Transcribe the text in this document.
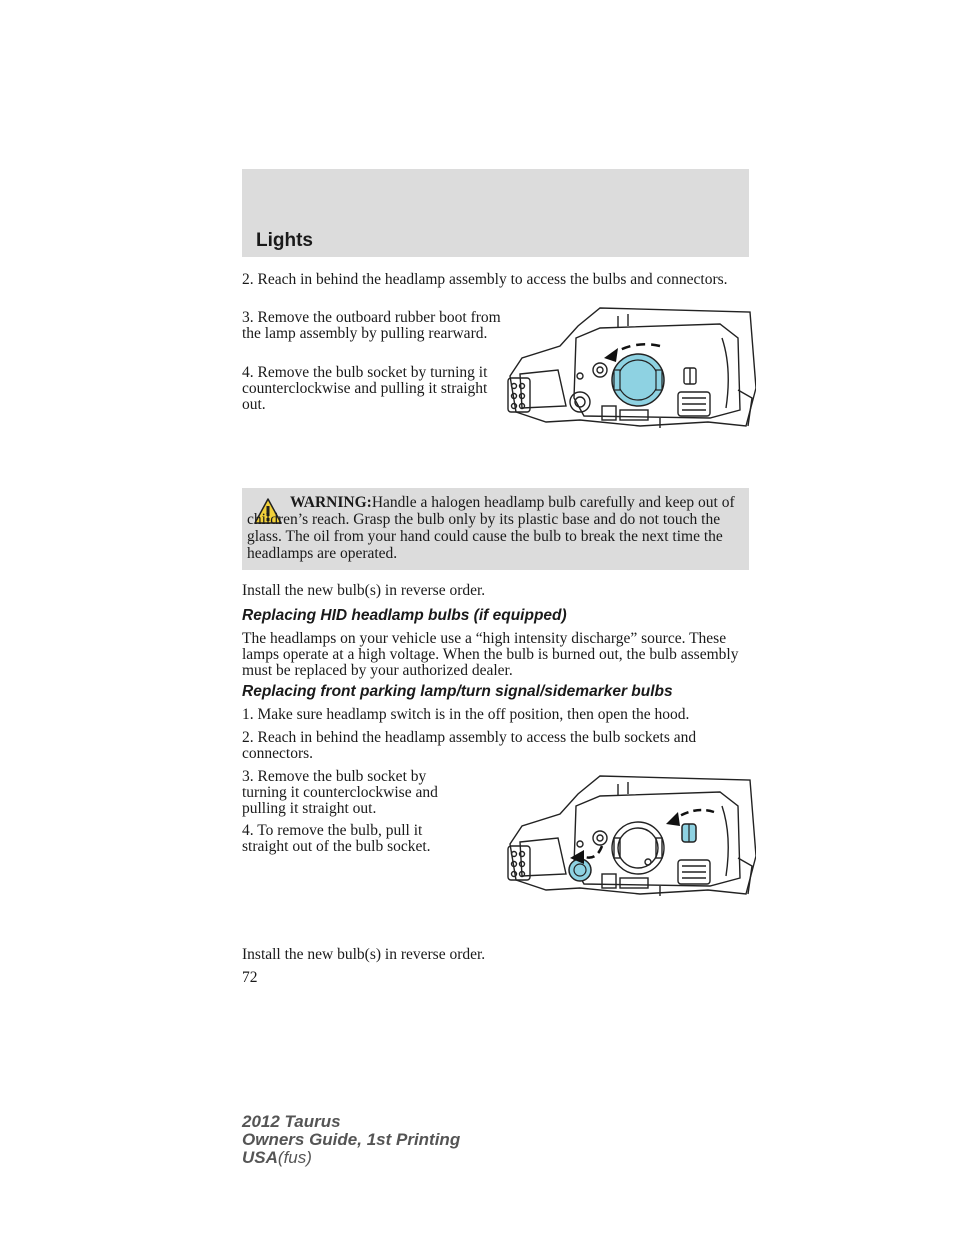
Lights

2. Reach in behind the headlamp assembly to access the bulbs and connectors.

3. Remove the outboard rubber boot from the lamp assembly by pulling rearward.

4. Remove the bulb socket by turning it counterclockwise and pulling it straight out.

WARNING:Handle a halogen headlamp bulb carefully and keep out of children’s reach. Grasp the bulb only by its plastic base and do not touch the glass. The oil from your hand could cause the bulb to break the next time the headlamps are operated.

Install the new bulb(s) in reverse order.

Replacing HID headlamp bulbs (if equipped)

The headlamps on your vehicle use a “high intensity discharge” source. These lamps operate at a high voltage. When the bulb is burned out, the bulb assembly must be replaced by your authorized dealer.

Replacing front parking lamp/turn signal/sidemarker bulbs

1. Make sure headlamp switch is in the off position, then open the hood.

2. Reach in behind the headlamp assembly to access the bulb sockets and connectors.

3. Remove the bulb socket by turning it counterclockwise and pulling it straight out.

4. To remove the bulb, pull it straight out of the bulb socket.

Install the new bulb(s) in reverse order.

72

2012 Taurus
Owners Guide, 1st Printing
USA(fus)
